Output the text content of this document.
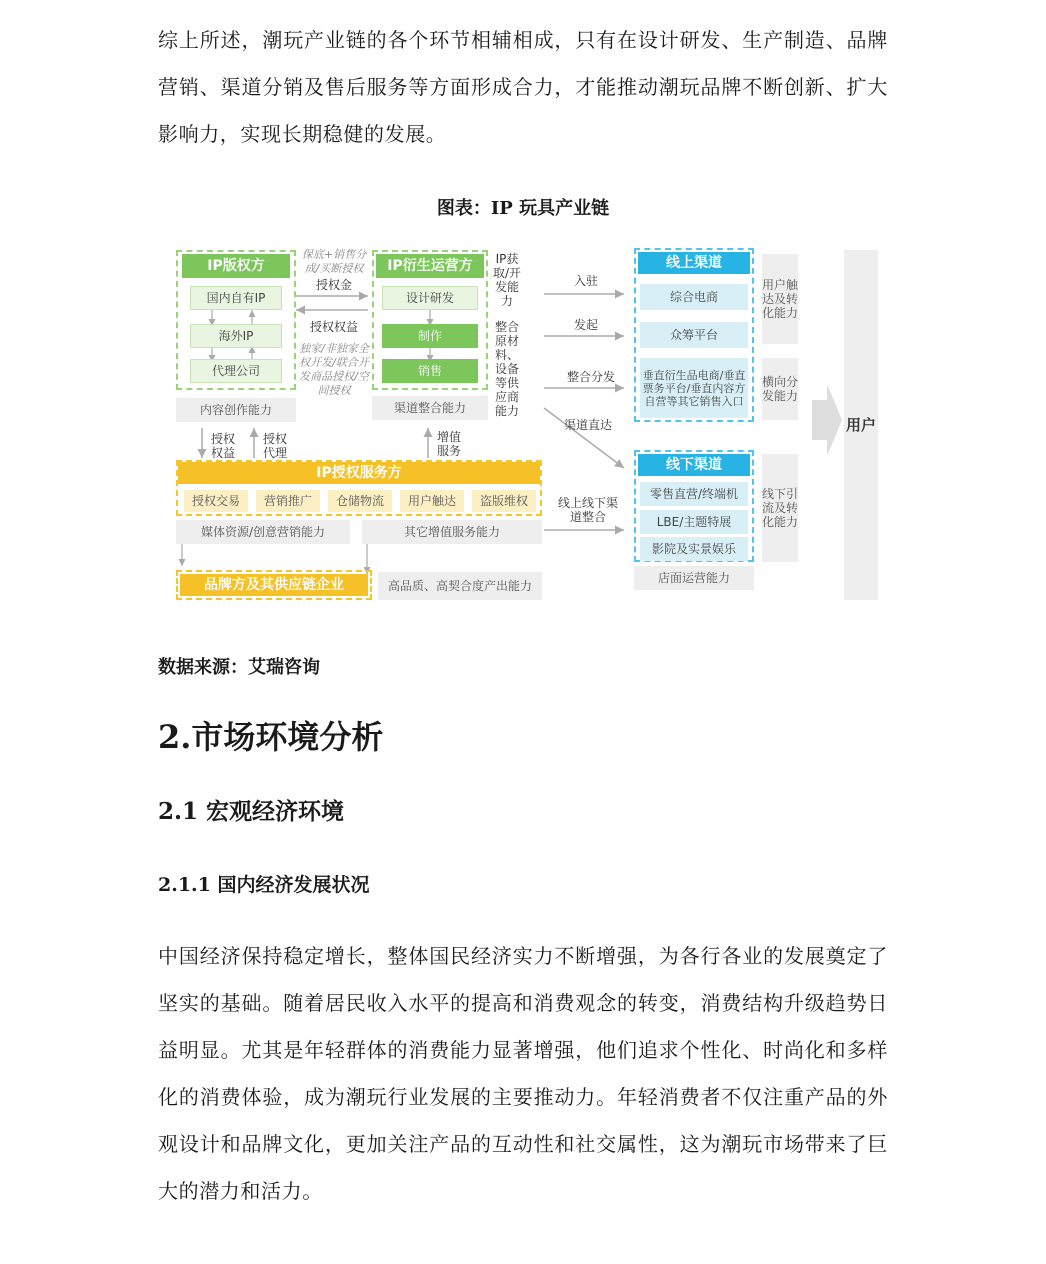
综上所述，潮玩产业链的各个环节相辅相成，只有在设计研发、生产制造、品牌营销、渠道分销及售后服务等方面形成合力，才能推动潮玩品牌不断创新、扩大影响力，实现长期稳健的发展。

图表：IP 玩具产业链
IP版权方
国内自有IP
海外IP
代理公司
内容创作能力
保底+销售分成/买断授权
授权金
授权权益
独家/非独家全权开发/联合开发商品授权/空间授权
IP衍生运营方
设计研发
制作
销售
渠道整合能力
IP获取/开发能力
整合原材料、设备等供应商能力
授权权益
授权代理
增值服务
IP授权服务方
授权交易	营销推广	仓储物流	用户触达	盗版维权
媒体资源/创意营销能力	其它增值服务能力
品牌方及其供应链企业	高品质、高契合度产出能力
入驻
发起
整合分发
渠道直达
线上线下渠道整合
线上渠道
综合电商
众筹平台
垂直衍生品电商/垂直票务平台/垂直内容方自营等其它销售入口
用户触达及转化能力
横向分发能力
线下渠道
零售直营/终端机
LBE/主题特展
影院及实景娱乐
店面运营能力
线下引流及转化能力
用户
数据来源：艾瑞咨询
2.市场环境分析
2.1 宏观经济环境
2.1.1 国内经济发展状况

中国经济保持稳定增长，整体国民经济实力不断增强，为各行各业的发展奠定了坚实的基础。随着居民收入水平的提高和消费观念的转变，消费结构升级趋势日益明显。尤其是年轻群体的消费能力显著增强，他们追求个性化、时尚化和多样化的消费体验，成为潮玩行业发展的主要推动力。年轻消费者不仅注重产品的外观设计和品牌文化，更加关注产品的互动性和社交属性，这为潮玩市场带来了巨大的潜力和活力。
